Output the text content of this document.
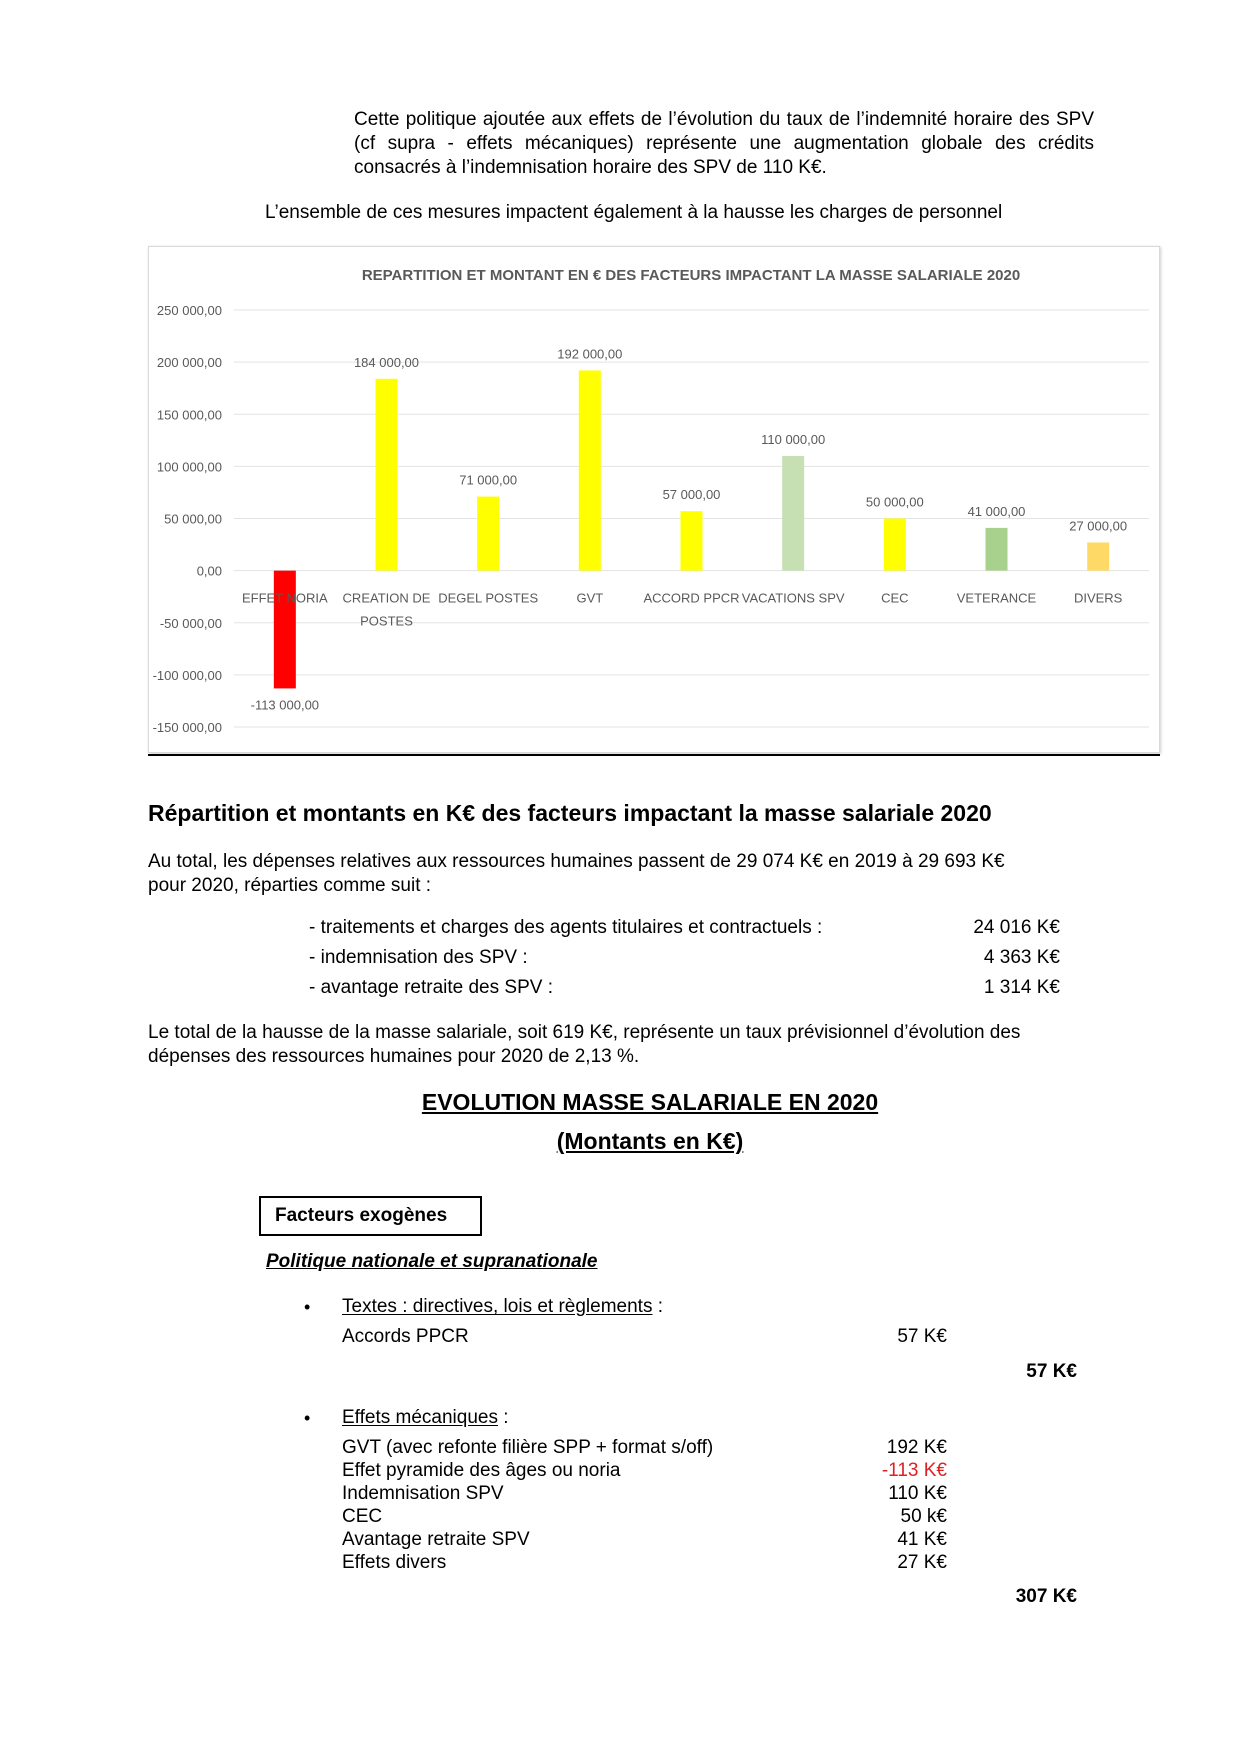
Cette politique ajoutée aux effets de l’évolution du taux de l’indemnité horaire des SPV (cf supra - effets mécaniques) représente une augmentation globale des crédits consacrés à l’indemnisation horaire des SPV de 110 K€.
L’ensemble de ces mesures impactent également à la hausse les charges de personnel
REPARTITION ET MONTANT EN € DES FACTEURS IMPACTANT LA MASSE SALARIALE 2020
250 000,00
200 000,00
150 000,00
100 000,00
50 000,00
0,00
-50 000,00
-100 000,00
-150 000,00
-113 000,00
EFFET NORIA
184 000,00
CREATION DE
POSTES
71 000,00
DEGEL POSTES
192 000,00
GVT
57 000,00
ACCORD PPCR
110 000,00
VACATIONS SPV
50 000,00
CEC
41 000,00
VETERANCE
27 000,00
DIVERS
Répartition et montants en K€ des facteurs impactant la masse salariale 2020
Au total, les dépenses relatives aux ressources humaines passent de 29 074 K€ en 2019 à 29 693 K€
pour 2020, réparties comme suit :
- traitements et charges des agents titulaires et contractuels :	24 016 K€
- indemnisation des SPV :	4 363 K€
- avantage retraite des SPV :	1 314 K€
Le total de la hausse de la masse salariale, soit 619 K€, représente un taux prévisionnel d’évolution des
dépenses des ressources humaines pour 2020 de 2,13 %.
EVOLUTION MASSE SALARIALE EN 2020
(Montants en K€)
Facteurs exogènes
Politique nationale et supranationale
• Textes : directives, lois et règlements :
Accords PPCR	57 K€
57 K€
• Effets mécaniques :
GVT (avec refonte filière SPP + format s/off)	192 K€
Effet pyramide des âges ou noria	-113 K€
Indemnisation SPV	110 K€
CEC	50 k€
Avantage retraite SPV	41 K€
Effets divers	27 K€
307 K€
